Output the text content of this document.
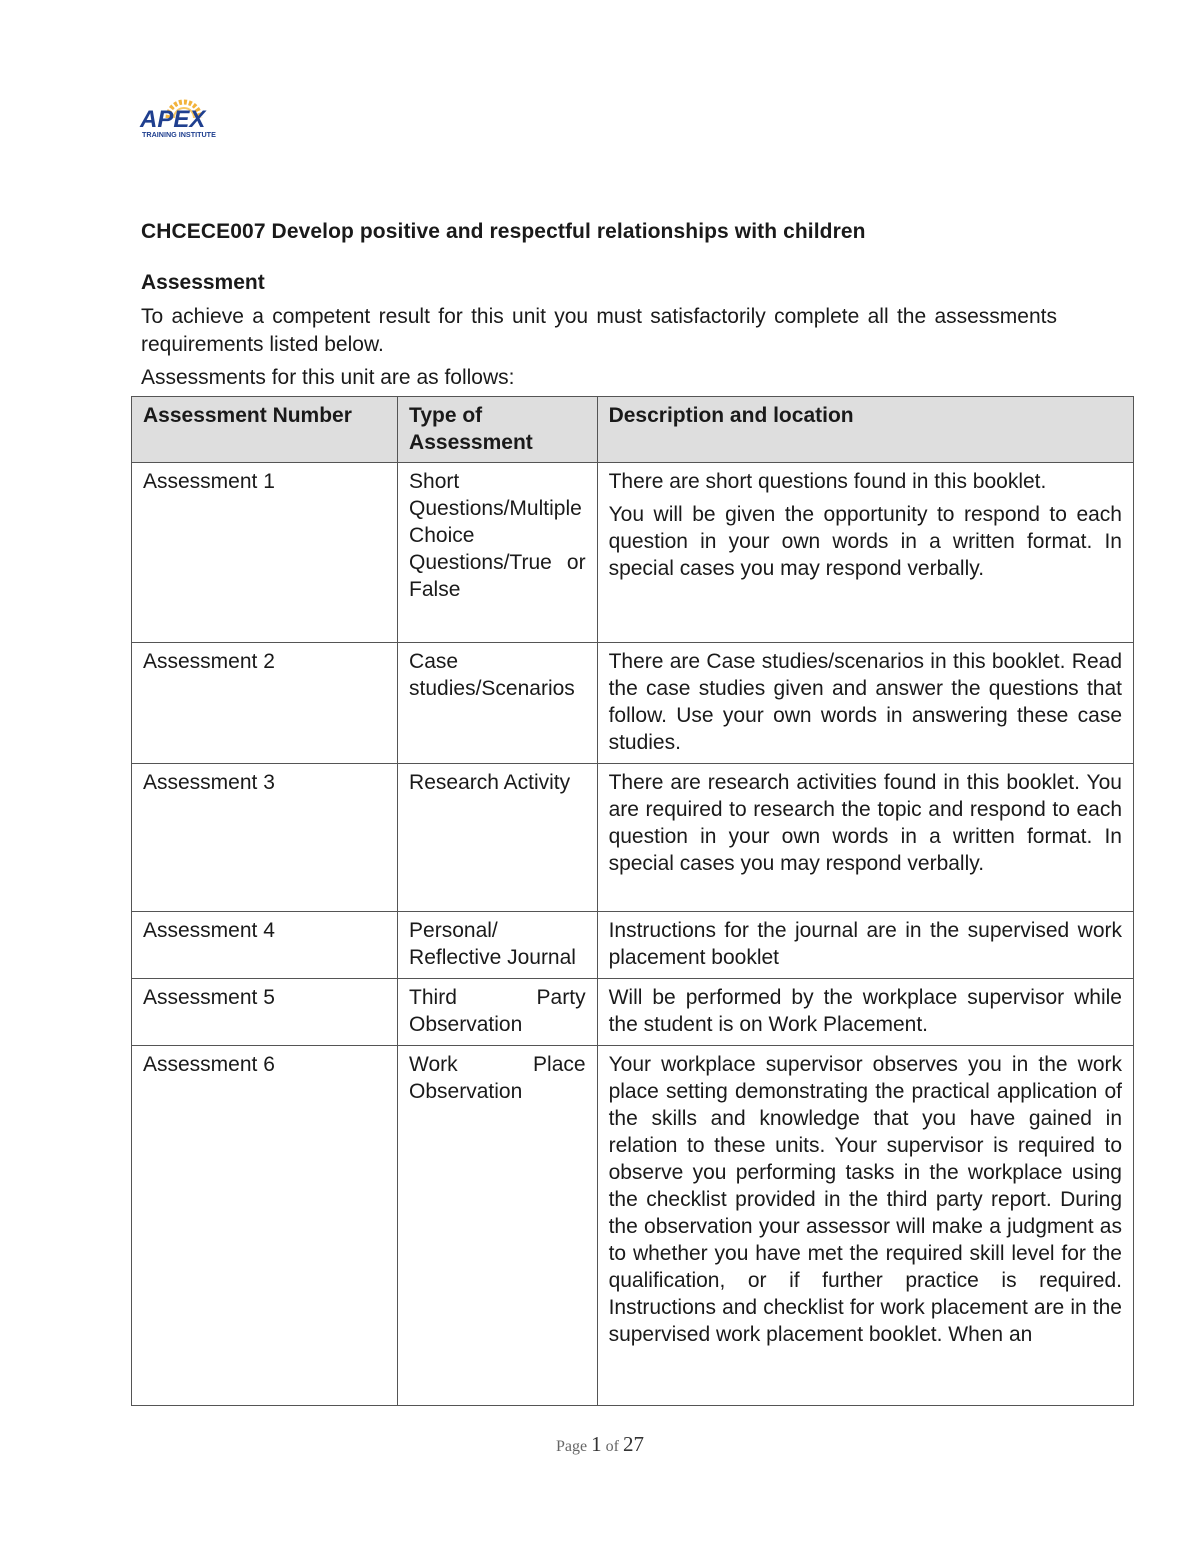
APEX
TRAINING INSTITUTE
CHCECE007 Develop positive and respectful relationships with children
Assessment

To achieve a competent result for this unit you must satisfactorily complete all the assessments requirements listed below.

Assessments for this unit are as follows:

Assessment Number	Type of Assessment	Description and location
Assessment 1	Short Questions/Multiple Choice Questions/True or False	There are short questions found in this booklet.

You will be given the opportunity to respond to each question in your own words in a written format. In special cases you may respond verbally.

Assessment 2	Case studies/Scenarios	There are Case studies/scenarios in this booklet. Read the case studies given and answer the questions that follow. Use your own words in answering these case studies.

Assessment 3	Research Activity	There are research activities found in this booklet. You are required to research the topic and respond to each question in your own words in a written format. In special cases you may respond verbally.

Assessment 4	Personal/ Reflective Journal	Instructions for the journal are in the supervised work placement booklet

Assessment 5	Third Party Observation	Will be performed by the workplace supervisor while the student is on Work Placement.

Assessment 6	Work Place Observation	Your workplace supervisor observes you in the work place setting demonstrating the practical application of the skills and knowledge that you have gained in relation to these units. Your supervisor is required to observe you performing tasks in the workplace using the checklist provided in the third party report. During the observation your assessor will make a judgment as to whether you have met the required skill level for the qualification, or if further practice is required. Instructions and checklist for work placement are in the supervised work placement booklet. When an

Page 1 of 27
